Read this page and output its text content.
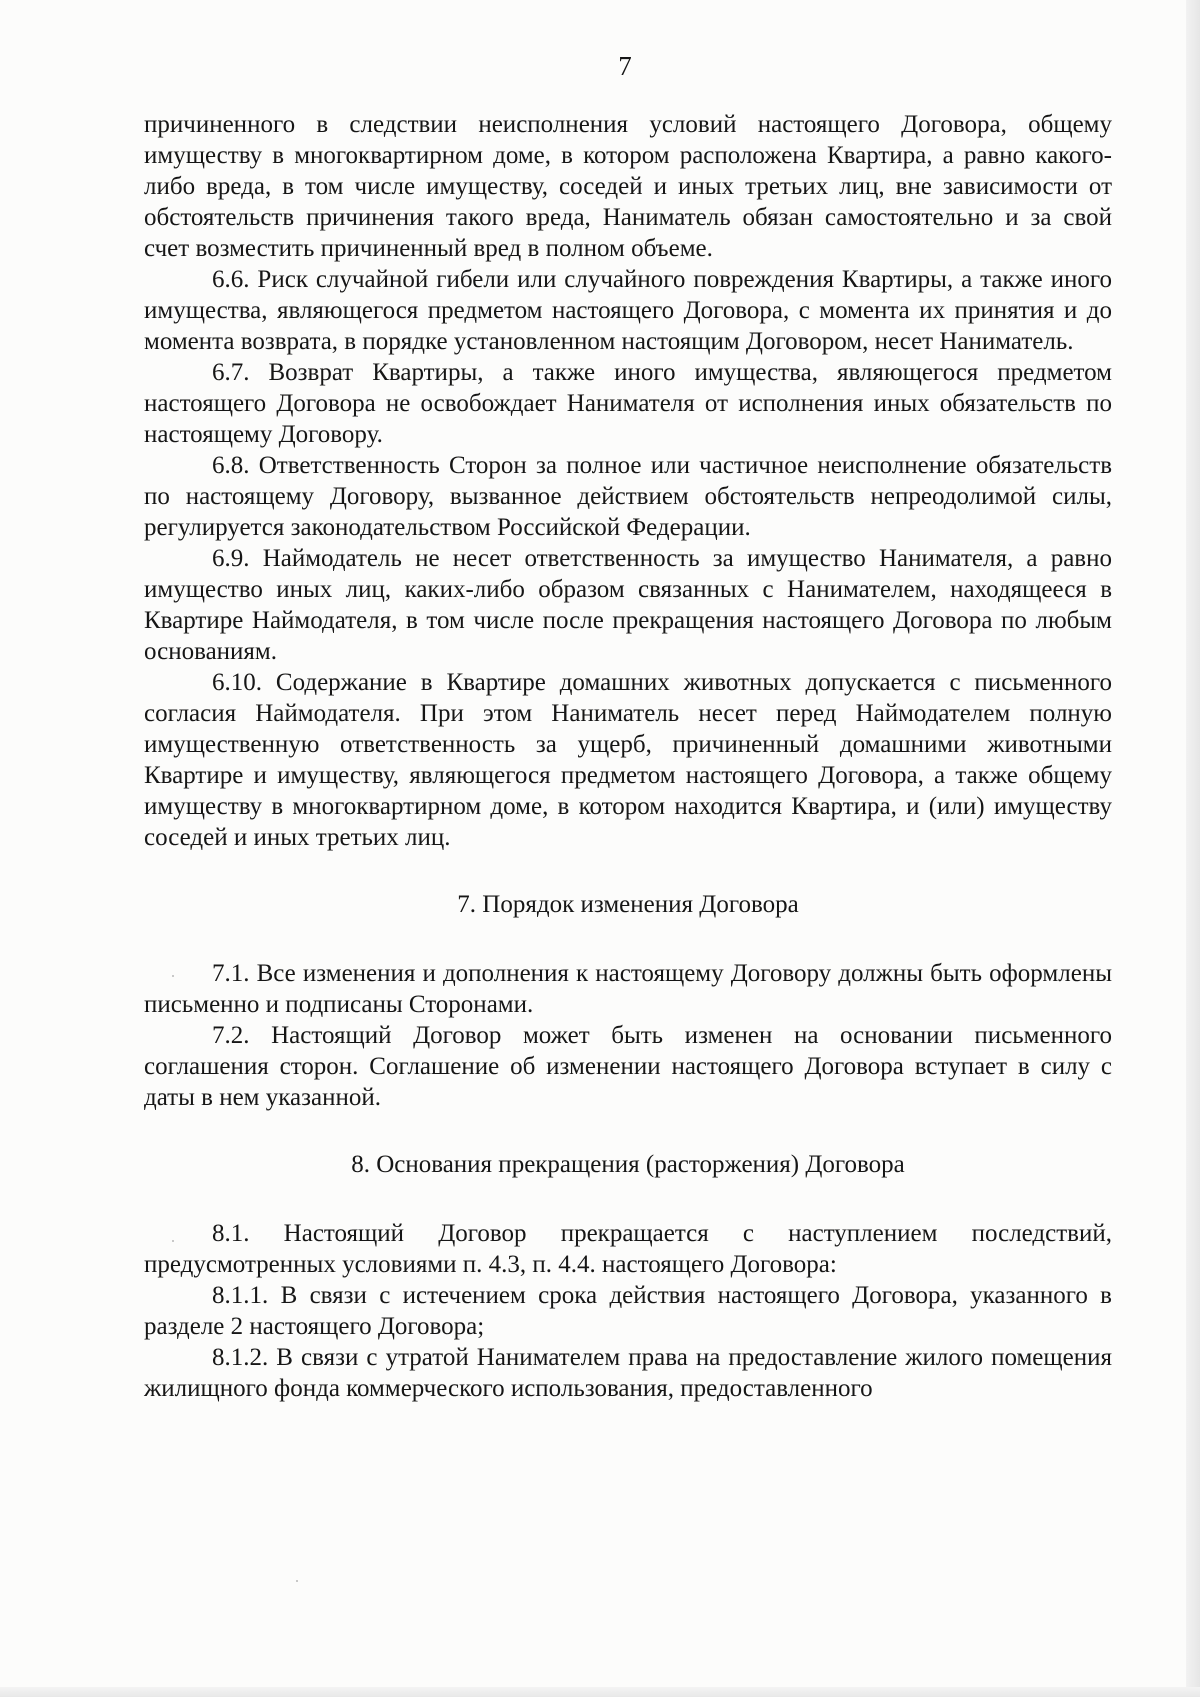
7

причиненного в следствии неисполнения условий настоящего Договора, общему имуществу в многоквартирном доме, в котором расположена Квартира, а равно какого-либо вреда, в том числе имуществу, соседей и иных третьих лиц, вне зависимости от обстоятельств причинения такого вреда, Наниматель обязан самостоятельно и за свой счет возместить причиненный вред в полном объеме.

6.6. Риск случайной гибели или случайного повреждения Квартиры, а также иного имущества, являющегося предметом настоящего Договора, с момента их принятия и до момента возврата, в порядке установленном настоящим Договором, несет Наниматель.

6.7. Возврат Квартиры, а также иного имущества, являющегося предметом настоящего Договора не освобождает Нанимателя от исполнения иных обязательств по настоящему Договору.

6.8. Ответственность Сторон за полное или частичное неисполнение обязательств по настоящему Договору, вызванное действием обстоятельств непреодолимой силы, регулируется законодательством Российской Федерации.

6.9. Наймодатель не несет ответственность за имущество Нанимателя, а равно имущество иных лиц, каких-либо образом связанных с Нанимателем, находящееся в Квартире Наймодателя, в том числе после прекращения настоящего Договора по любым основаниям.

6.10. Содержание в Квартире домашних животных допускается с письменного согласия Наймодателя. При этом Наниматель несет перед Наймодателем полную имущественную ответственность за ущерб, причиненный домашними животными Квартире и имуществу, являющегося предметом настоящего Договора, а также общему имуществу в многоквартирном доме, в котором находится Квартира, и (или) имуществу соседей и иных третьих лиц.

7. Порядок изменения Договора

7.1. Все изменения и дополнения к настоящему Договору должны быть оформлены письменно и подписаны Сторонами.

7.2. Настоящий Договор может быть изменен на основании письменного соглашения сторон. Соглашение об изменении настоящего Договора вступает в силу с даты в нем указанной.

8. Основания прекращения (расторжения) Договора

8.1. Настоящий Договор прекращается с наступлением последствий, предусмотренных условиями п. 4.3, п. 4.4. настоящего Договора:

8.1.1. В связи с истечением срока действия настоящего Договора, указанного в разделе 2 настоящего Договора;

8.1.2. В связи с утратой Нанимателем права на предоставление жилого помещения жилищного фонда коммерческого использования, предоставленного
